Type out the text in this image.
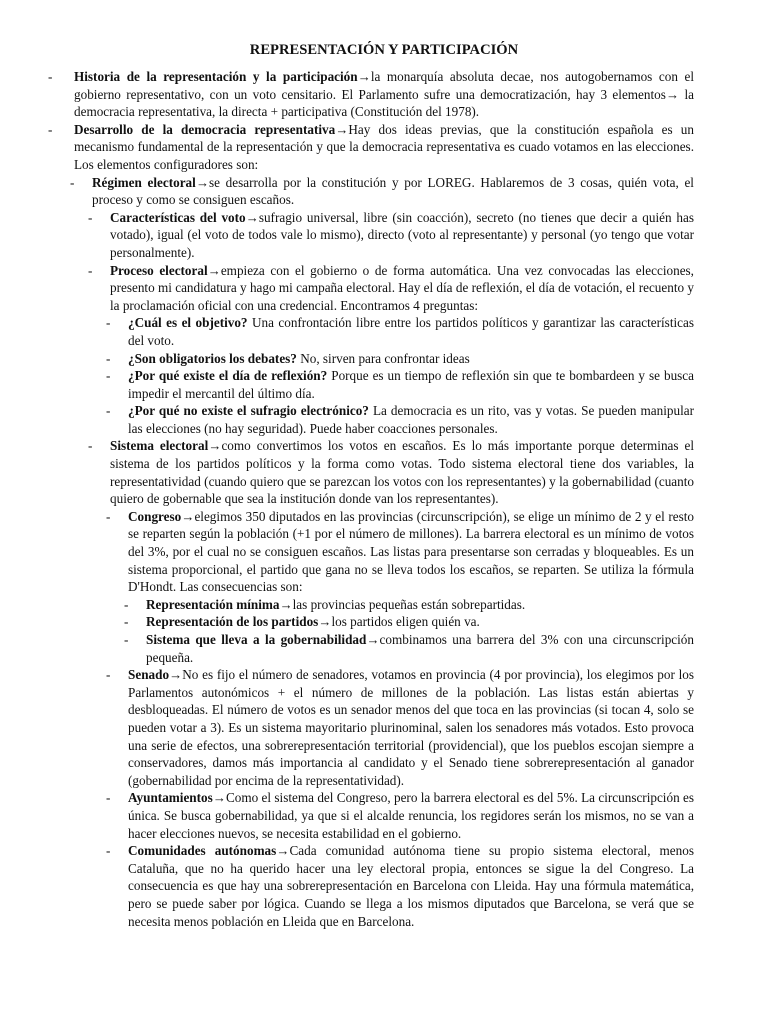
REPRESENTACIÓN Y PARTICIPACIÓN
- Historia de la representación y la participación→la monarquía absoluta decae, nos autogobernamos con el gobierno representativo, con un voto censitario. El Parlamento sufre una democratización, hay 3 elementos→ la democracia representativa, la directa + participativa (Constitución del 1978).
- Desarrollo de la democracia representativa→Hay dos ideas previas, que la constitución española es un mecanismo fundamental de la representación y que la democracia representativa es cuado votamos en las elecciones. Los elementos configuradores son:
- Régimen electoral→se desarrolla por la constitución y por LOREG. Hablaremos de 3 cosas, quién vota, el proceso y como se consiguen escaños.
- Características del voto→sufragio universal, libre (sin coacción), secreto (no tienes que decir a quién has votado), igual (el voto de todos vale lo mismo), directo (voto al representante) y personal (yo tengo que votar personalmente).
- Proceso electoral→empieza con el gobierno o de forma automática. Una vez convocadas las elecciones, presento mi candidatura y hago mi campaña electoral. Hay el día de reflexión, el día de votación, el recuento y la proclamación oficial con una credencial. Encontramos 4 preguntas:
- ¿Cuál es el objetivo? Una confrontación libre entre los partidos políticos y garantizar las características del voto.
- ¿Son obligatorios los debates? No, sirven para confrontar ideas
- ¿Por qué existe el día de reflexión? Porque es un tiempo de reflexión sin que te bombardeen y se busca impedir el mercantil del último día.
- ¿Por qué no existe el sufragio electrónico? La democracia es un rito, vas y votas. Se pueden manipular las elecciones (no hay seguridad). Puede haber coacciones personales.
- Sistema electoral→como convertimos los votos en escaños. Es lo más importante porque determinas el sistema de los partidos políticos y la forma como votas. Todo sistema electoral tiene dos variables, la representatividad (cuando quiero que se parezcan los votos con los representantes) y la gobernabilidad (cuanto quiero de gobernable que sea la institución donde van los representantes).
- Congreso→elegimos 350 diputados en las provincias (circunscripción), se elige un mínimo de 2 y el resto se reparten según la población (+1 por el número de millones). La barrera electoral es un mínimo de votos del 3%, por el cual no se consiguen escaños. Las listas para presentarse son cerradas y bloqueables. Es un sistema proporcional, el partido que gana no se lleva todos los escaños, se reparten. Se utiliza la fórmula D'Hondt. Las consecuencias son:
- Representación mínima→las provincias pequeñas están sobrepartidas.
- Representación de los partidos→los partidos eligen quién va.
- Sistema que lleva a la gobernabilidad→combinamos una barrera del 3% con una circunscripción pequeña.
- Senado→No es fijo el número de senadores, votamos en provincia (4 por provincia), los elegimos por los Parlamentos autonómicos + el número de millones de la población. Las listas están abiertas y desbloqueadas. El número de votos es un senador menos del que toca en las provincias (si tocan 4, solo se pueden votar a 3). Es un sistema mayoritario plurinominal, salen los senadores más votados. Esto provoca una serie de efectos, una sobrerepresentación territorial (providencial), que los pueblos escojan siempre a conservadores, damos más importancia al candidato y el Senado tiene sobrerepresentación al ganador (gobernabilidad por encima de la representatividad).
- Ayuntamientos→Como el sistema del Congreso, pero la barrera electoral es del 5%. La circunscripción es única. Se busca gobernabilidad, ya que si el alcalde renuncia, los regidores serán los mismos, no se van a hacer elecciones nuevos, se necesita estabilidad en el gobierno.
- Comunidades autónomas→Cada comunidad autónoma tiene su propio sistema electoral, menos Cataluña, que no ha querido hacer una ley electoral propia, entonces se sigue la del Congreso. La consecuencia es que hay una sobrerepresentación en Barcelona con Lleida. Hay una fórmula matemática, pero se puede saber por lógica. Cuando se llega a los mismos diputados que Barcelona, se verá que se necesita menos población en Lleida que en Barcelona.
